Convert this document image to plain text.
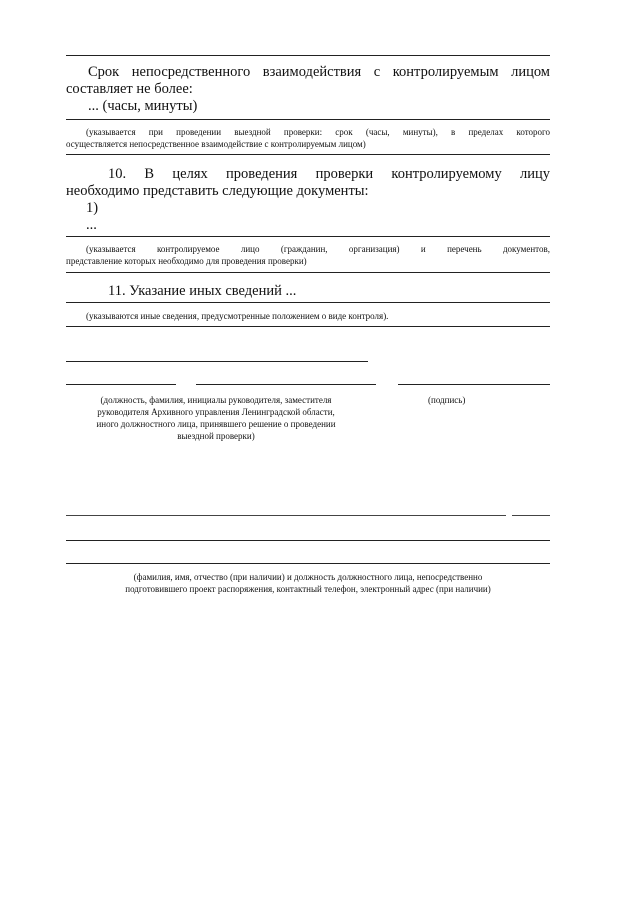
Срок непосредственного взаимодействия с контролируемым лицом
составляет не более:
... (часы, минуты)
(указывается при проведении выездной проверки: срок (часы, минуты), в пределах которого
осуществляется непосредственное взаимодействие с контролируемым лицом)
10. В целях проведения проверки контролируемому лицу
необходимо представить следующие документы:
1)
...
(указывается контролируемое лицо (гражданин, организация) и перечень документов,
представление которых необходимо для проведения проверки)
11. Указание иных сведений ...
(указываются иные сведения, предусмотренные положением о виде контроля).
(должность, фамилия, инициалы руководителя, заместителя
руководителя Архивного управления Ленинградской области,
иного должностного лица, принявшего решение о проведении
выездной проверки)
(подпись)
(фамилия, имя, отчество (при наличии) и должность должностного лица, непосредственно
подготовившего проект распоряжения, контактный телефон, электронный адрес (при наличии)
